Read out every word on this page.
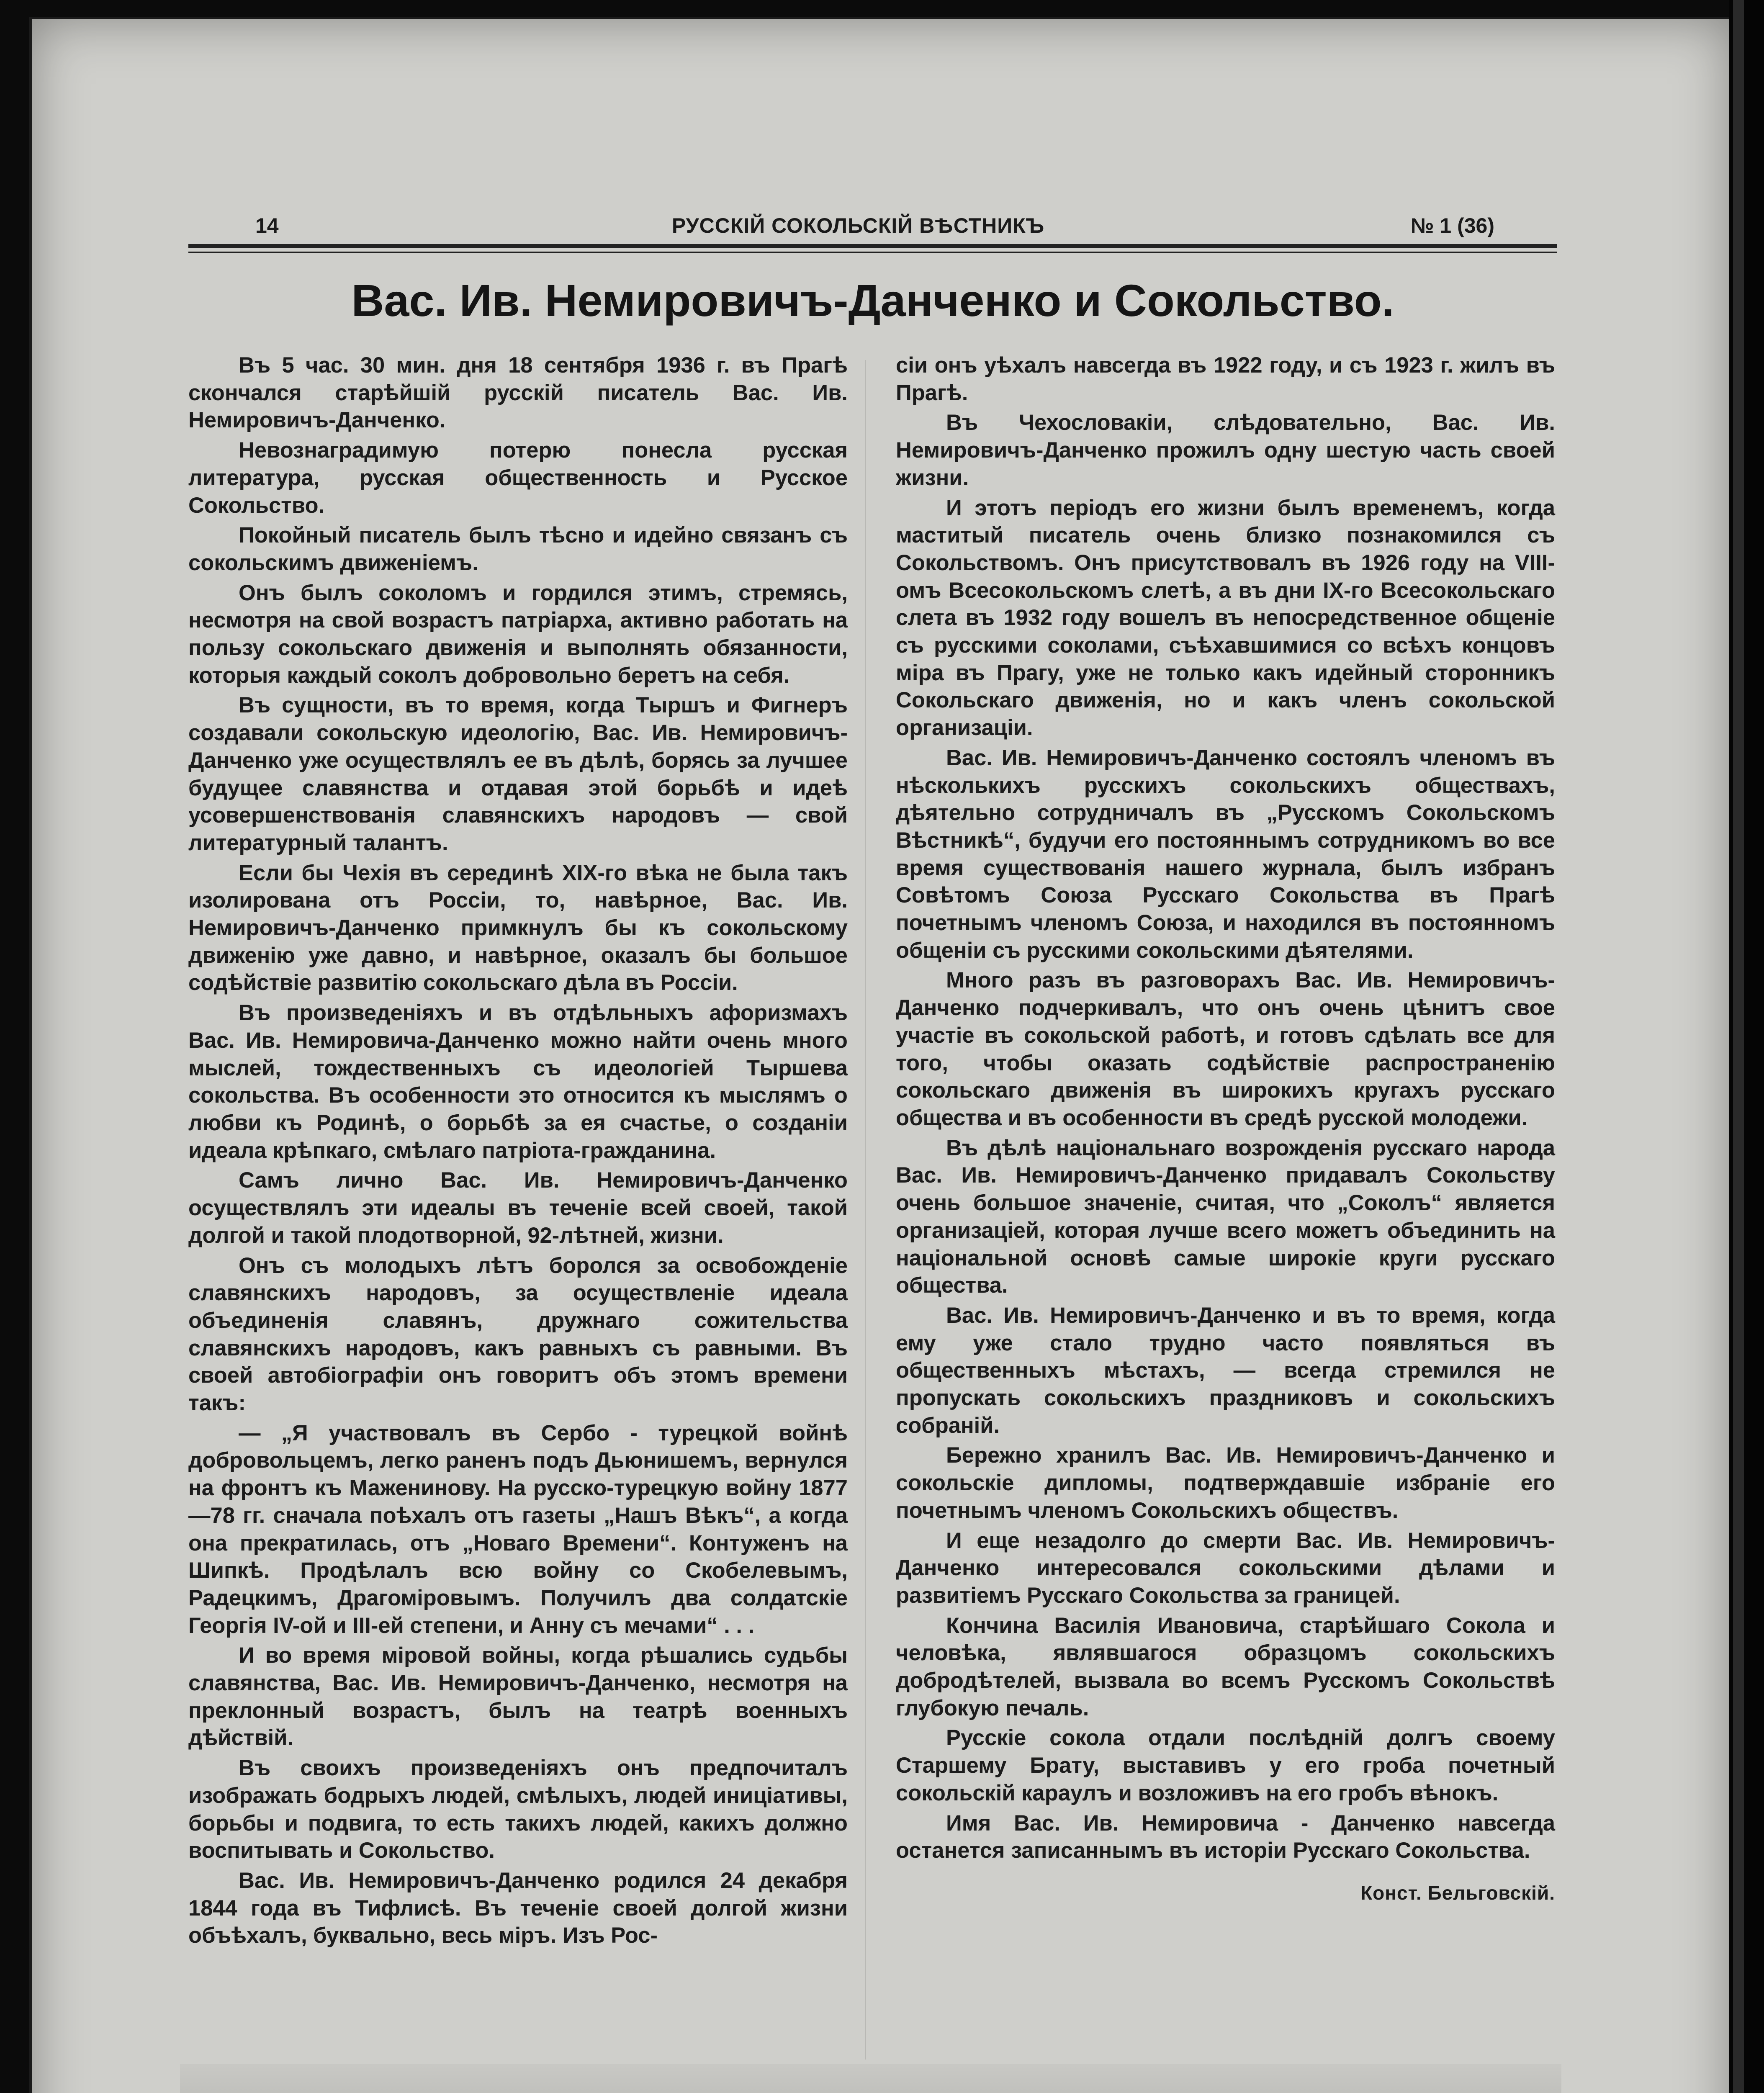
14	РУССКІЙ СОКОЛЬСКІЙ ВѢСТНИКЪ	№ 1 (36)
Вас. Ив. Немировичъ-Данченко и Сокольство.

Въ 5 час. 30 мин. дня 18 сентября 1936 г. въ Прагѣ скончался старѣйшій русскій писатель Вас. Ив. Немировичъ-Данченко.

Невознаградимую потерю понесла русская литература, русская общественность и Русское Сокольство.

Покойный писатель былъ тѣсно и идейно связанъ съ сокольскимъ движеніемъ.

Онъ былъ соколомъ и гордился этимъ, стремясь, несмотря на свой возрастъ патріарха, активно работать на пользу сокольскаго движенія и выполнять обязанности, которыя каждый соколъ добровольно беретъ на себя.

Въ сущности, въ то время, когда Тыршъ и Фигнеръ создавали сокольскую идеологію, Вас. Ив. Немировичъ-Данченко уже осуществлялъ ее въ дѣлѣ, борясь за лучшее будущее славянства и отдавая этой борьбѣ и идеѣ усовершенствованія славянскихъ народовъ — свой литературный талантъ.

Если бы Чехія въ серединѣ XIX-го вѣка не была такъ изолирована отъ Россіи, то, навѣрное, Вас. Ив. Немировичъ-Данченко примкнулъ бы къ сокольскому движенію уже давно, и навѣрное, оказалъ бы большое содѣйствіе развитію сокольскаго дѣла въ Россіи.

Въ произведеніяхъ и въ отдѣльныхъ афоризмахъ Вас. Ив. Немировича-Данченко можно найти очень много мыслей, тождественныхъ съ идеологіей Тыршева сокольства. Въ особенности это относится къ мыслямъ о любви къ Родинѣ, о борьбѣ за ея счастье, о созданіи идеала крѣпкаго, смѣлаго патріота-гражданина.

Самъ лично Вас. Ив. Немировичъ-Данченко осуществлялъ эти идеалы въ теченіе всей своей, такой долгой и такой плодотворной, 92-лѣтней, жизни.

Онъ съ молодыхъ лѣтъ боролся за освобожденіе славянскихъ народовъ, за осуществленіе идеала объединенія славянъ, дружнаго сожительства славянскихъ народовъ, какъ равныхъ съ равными. Въ своей автобіографіи онъ говоритъ объ этомъ времени такъ:

— „Я участвовалъ въ Сербо - турецкой войнѣ добровольцемъ, легко раненъ подъ Дьюнишемъ, вернулся на фронтъ къ Маженинову. На русско-турецкую войну 1877—78 гг. сначала поѣхалъ отъ газеты „Нашъ Вѣкъ“, а когда она прекратилась, отъ „Новаго Времени“. Контуженъ на Шипкѣ. Продѣлалъ всю войну со Скобелевымъ, Радецкимъ, Драгоміровымъ. Получилъ два солдатскіе Георгія IV-ой и III-ей степени, и Анну съ мечами“ . . .

И во время міровой войны, когда рѣшались судьбы славянства, Вас. Ив. Немировичъ-Данченко, несмотря на преклонный возрастъ, былъ на театрѣ военныхъ дѣйствій.

Въ своихъ произведеніяхъ онъ предпочиталъ изображать бодрыхъ людей, смѣлыхъ, людей иниціативы, борьбы и подвига, то есть такихъ людей, какихъ должно воспитывать и Сокольство.

Вас. Ив. Немировичъ-Данченко родился 24 декабря 1844 года въ Тифлисѣ. Въ теченіе своей долгой жизни объѣхалъ, буквально, весь міръ. Изъ Рос-

сіи онъ уѣхалъ навсегда въ 1922 году, и съ 1923 г. жилъ въ Прагѣ.

Въ Чехословакіи, слѣдовательно, Вас. Ив. Немировичъ-Данченко прожилъ одну шестую часть своей жизни.

И этотъ періодъ его жизни былъ временемъ, когда маститый писатель очень близко познакомился съ Сокольствомъ. Онъ присутствовалъ въ 1926 году на VIII-омъ Всесокольскомъ слетѣ, а въ дни IX-го Всесокольскаго слета въ 1932 году вошелъ въ непосредственное общеніе съ русскими соколами, съѣхавшимися со всѣхъ концовъ міра въ Прагу, уже не только какъ идейный сторонникъ Сокольскаго движенія, но и какъ членъ сокольской организаціи.

Вас. Ив. Немировичъ-Данченко состоялъ членомъ въ нѣсколькихъ русскихъ сокольскихъ обществахъ, дѣятельно сотрудничалъ въ „Русскомъ Сокольскомъ Вѣстникѣ“, будучи его постояннымъ сотрудникомъ во все время существованія нашего журнала, былъ избранъ Совѣтомъ Союза Русскаго Сокольства въ Прагѣ почетнымъ членомъ Союза, и находился въ постоянномъ общеніи съ русскими сокольскими дѣятелями.

Много разъ въ разговорахъ Вас. Ив. Немировичъ-Данченко подчеркивалъ, что онъ очень цѣнитъ свое участіе въ сокольской работѣ, и готовъ сдѣлать все для того, чтобы оказать содѣйствіе распространенію сокольскаго движенія въ широкихъ кругахъ русскаго общества и въ особенности въ средѣ русской молодежи.

Въ дѣлѣ національнаго возрожденія русскаго народа Вас. Ив. Немировичъ-Данченко придавалъ Сокольству очень большое значеніе, считая, что „Соколъ“ является организаціей, которая лучше всего можетъ объединить на національной основѣ самые широкіе круги русскаго общества.

Вас. Ив. Немировичъ-Данченко и въ то время, когда ему уже стало трудно часто появляться въ общественныхъ мѣстахъ, — всегда стремился не пропускать сокольскихъ праздниковъ и сокольскихъ собраній.

Бережно хранилъ Вас. Ив. Немировичъ-Данченко и сокольскіе дипломы, подтверждавшіе избраніе его почетнымъ членомъ Сокольскихъ обществъ.

И еще незадолго до смерти Вас. Ив. Немировичъ-Данченко интересовался сокольскими дѣлами и развитіемъ Русскаго Сокольства за границей.

Кончина Василія Ивановича, старѣйшаго Сокола и человѣка, являвшагося образцомъ сокольскихъ добродѣтелей, вызвала во всемъ Русскомъ Сокольствѣ глубокую печаль.

Русскіе сокола отдали послѣдній долгъ своему Старшему Брату, выставивъ у его гроба почетный сокольскій караулъ и возложивъ на его гробъ вѣнокъ.

Имя Вас. Ив. Немировича - Данченко навсегда останется записаннымъ въ исторіи Русскаго Сокольства.

Конст. Бельговскій.
